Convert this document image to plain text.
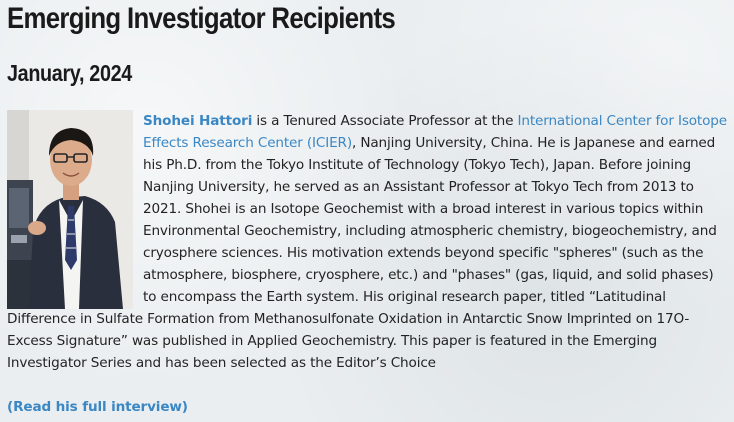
Emerging Investigator Recipients
January, 2024

Shohei Hattori is a Tenured Associate Professor at the International Center for Isotope Effects Research Center (ICIER), Nanjing University, China. He is Japanese and earned his Ph.D. from the Tokyo Institute of Technology (Tokyo Tech), Japan. Before joining Nanjing University, he served as an Assistant Professor at Tokyo Tech from 2013 to 2021. Shohei is an Isotope Geochemist with a broad interest in various topics within Environmental Geochemistry, including atmospheric chemistry, biogeochemistry, and cryosphere sciences. His motivation extends beyond specific "spheres" (such as the atmosphere, biosphere, cryosphere, etc.) and "phases" (gas, liquid, and solid phases) to encompass the Earth system. His original research paper, titled “Latitudinal Difference in Sulfate Formation from Methanosulfonate Oxidation in Antarctic Snow Imprinted on 17O-Excess Signature” was published in Applied Geochemistry. This paper is featured in the Emerging Investigator Series and has been selected as the Editor’s Choice

(Read his full interview)
